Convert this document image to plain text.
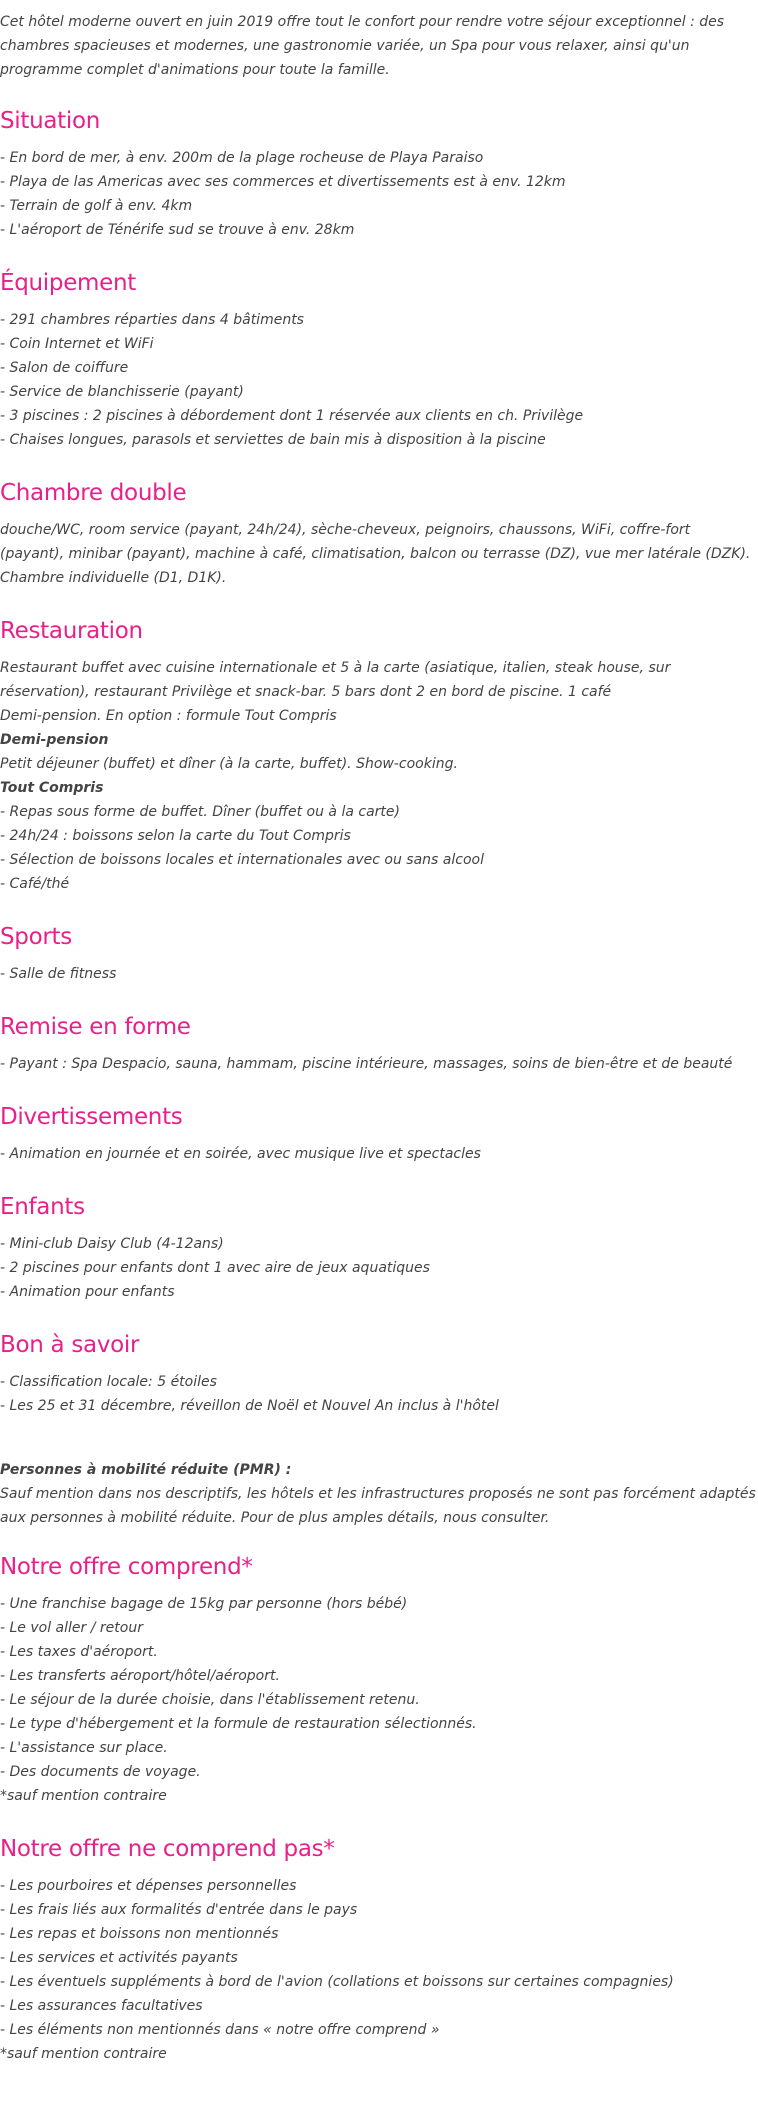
Cet hôtel moderne ouvert en juin 2019 offre tout le confort pour rendre votre séjour exceptionnel : des chambres spacieuses et modernes, une gastronomie variée, un Spa pour vous relaxer, ainsi qu'un programme complet d'animations pour toute la famille.

Situation
- En bord de mer, à env. 200m de la plage rocheuse de Playa Paraiso
- Playa de las Americas avec ses commerces et divertissements est à env. 12km
- Terrain de golf à env. 4km
- L'aéroport de Ténérife sud se trouve à env. 28km
Équipement
- 291 chambres réparties dans 4 bâtiments
- Coin Internet et WiFi
- Salon de coiffure
- Service de blanchisserie (payant)
- 3 piscines : 2 piscines à débordement dont 1 réservée aux clients en ch. Privilège
- Chaises longues, parasols et serviettes de bain mis à disposition à la piscine
Chambre double

douche/WC, room service (payant, 24h/24), sèche-cheveux, peignoirs, chaussons, WiFi, coffre-fort (payant), minibar (payant), machine à café, climatisation, balcon ou terrasse (DZ), vue mer latérale (DZK). Chambre individuelle (D1, D1K).

Restauration

Restaurant buffet avec cuisine internationale et 5 à la carte (asiatique, italien, steak house, sur réservation), restaurant Privilège et snack-bar. 5 bars dont 2 en bord de piscine. 1 café

Demi-pension. En option : formule Tout Compris
Demi-pension
Petit déjeuner (buffet) et dîner (à la carte, buffet). Show-cooking.
Tout Compris
- Repas sous forme de buffet. Dîner (buffet ou à la carte)
- 24h/24 : boissons selon la carte du Tout Compris
- Sélection de boissons locales et internationales avec ou sans alcool
- Café/thé
Sports
- Salle de fitness
Remise en forme
- Payant : Spa Despacio, sauna, hammam, piscine intérieure, massages, soins de bien-être et de beauté
Divertissements
- Animation en journée et en soirée, avec musique live et spectacles
Enfants
- Mini-club Daisy Club (4-12ans)
- 2 piscines pour enfants dont 1 avec aire de jeux aquatiques
- Animation pour enfants
Bon à savoir
- Classification locale: 5 étoiles
- Les 25 et 31 décembre, réveillon de Noël et Nouvel An inclus à l'hôtel
Personnes à mobilité réduite (PMR) :

Sauf mention dans nos descriptifs, les hôtels et les infrastructures proposés ne sont pas forcément adaptés aux personnes à mobilité réduite. Pour de plus amples détails, nous consulter.

Notre offre comprend*
- Une franchise bagage de 15kg par personne (hors bébé)
- Le vol aller / retour
- Les taxes d'aéroport.
- Les transferts aéroport/hôtel/aéroport.
- Le séjour de la durée choisie, dans l'établissement retenu.
- Le type d'hébergement et la formule de restauration sélectionnés.
- L'assistance sur place.
- Des documents de voyage.
*sauf mention contraire
Notre offre ne comprend pas*
- Les pourboires et dépenses personnelles
- Les frais liés aux formalités d'entrée dans le pays
- Les repas et boissons non mentionnés
- Les services et activités payants
- Les éventuels suppléments à bord de l'avion (collations et boissons sur certaines compagnies)
- Les assurances facultatives
- Les éléments non mentionnés dans « notre offre comprend »
*sauf mention contraire
